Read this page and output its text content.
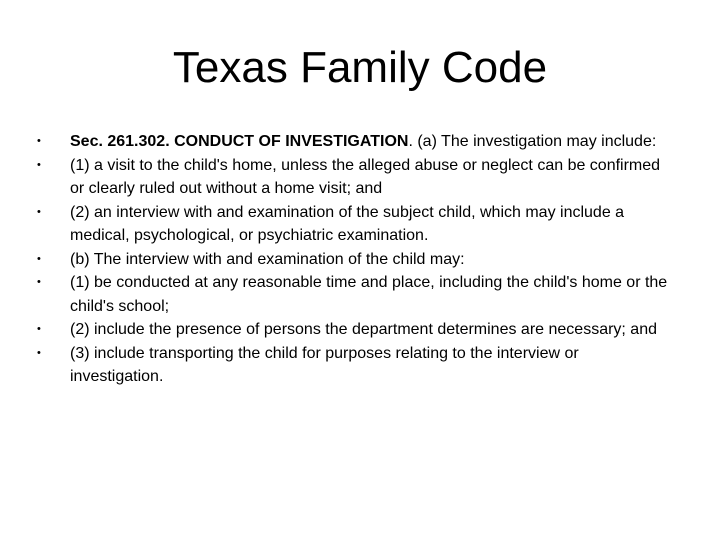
Texas Family Code
• Sec. 261.302. CONDUCT OF INVESTIGATION. (a) The investigation may include:
• (1) a visit to the child's home, unless the alleged abuse or neglect can be confirmed or clearly ruled out without a home visit; and
• (2) an interview with and examination of the subject child, which may include a medical, psychological, or psychiatric examination.
• (b) The interview with and examination of the child may:
• (1) be conducted at any reasonable time and place, including the child's home or the child's school;
• (2) include the presence of persons the department determines are necessary; and
• (3) include transporting the child for purposes relating to the interview or investigation.
